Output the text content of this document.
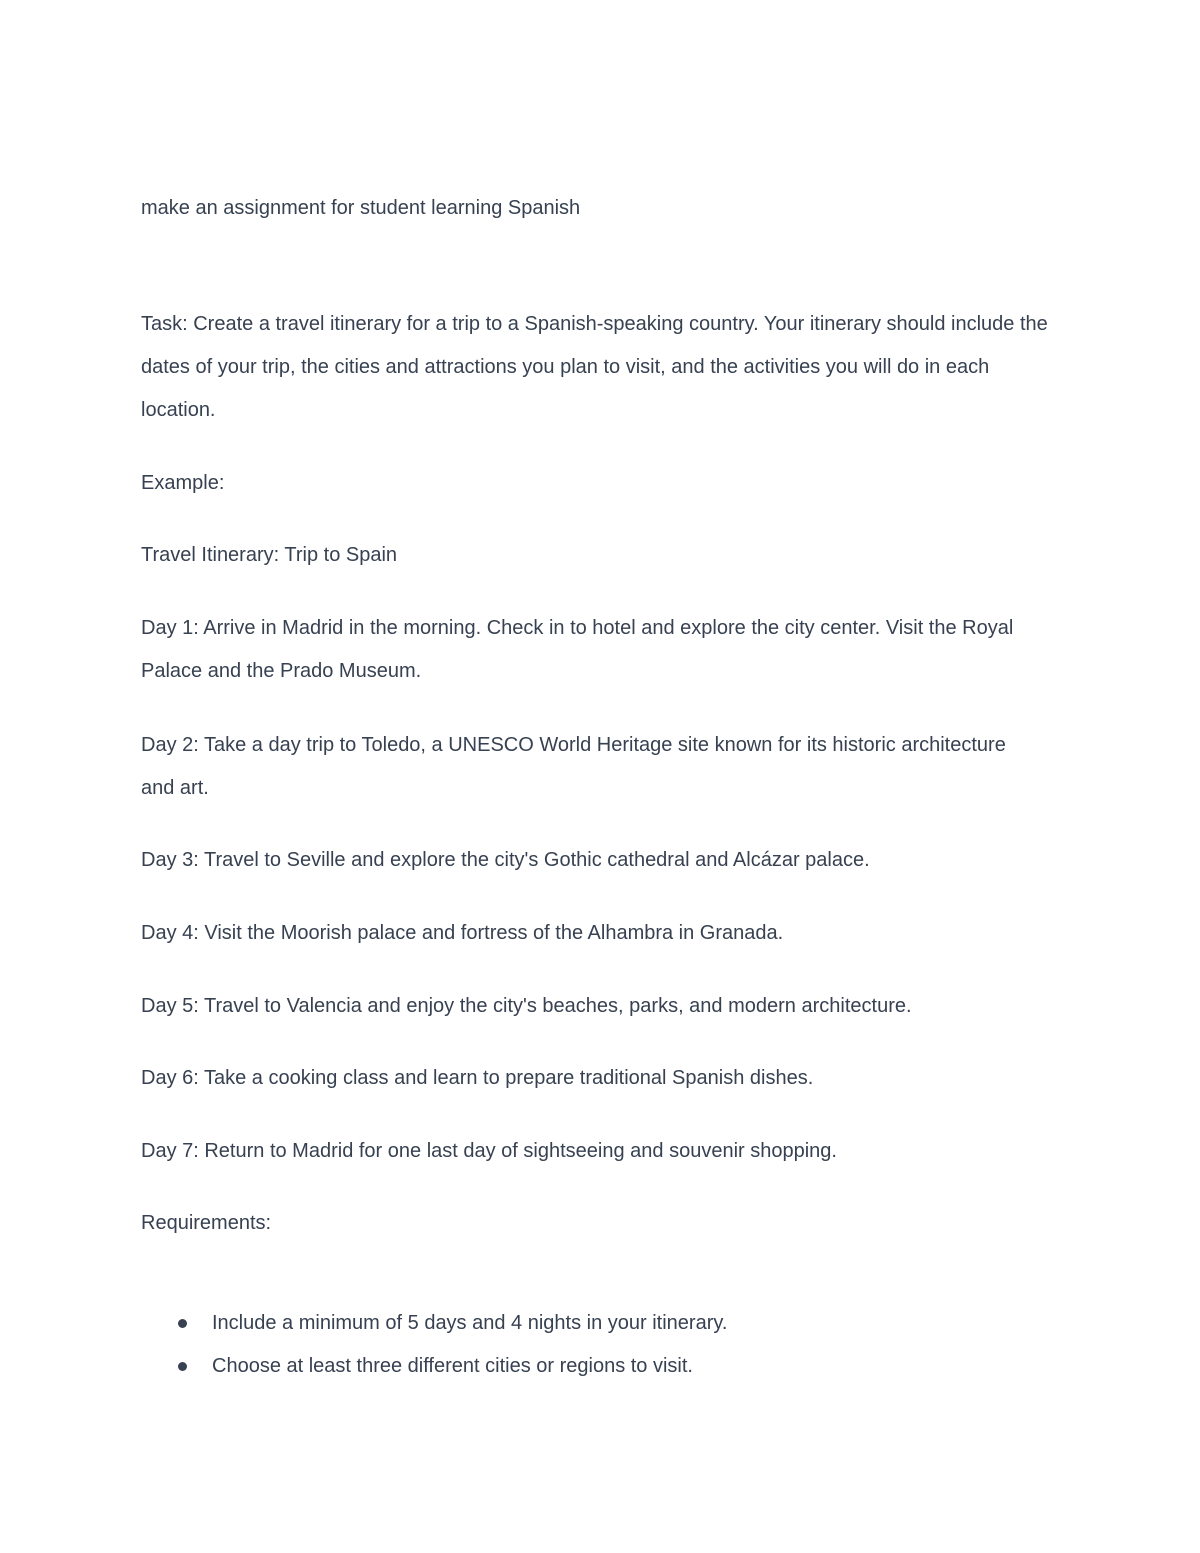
make an assignment for student learning Spanish

Task: Create a travel itinerary for a trip to a Spanish-speaking country. Your itinerary should include the dates of your trip, the cities and attractions you plan to visit, and the activities you will do in each location.

Example:

Travel Itinerary: Trip to Spain

Day 1: Arrive in Madrid in the morning. Check in to hotel and explore the city center. Visit the Royal Palace and the Prado Museum.

Day 2: Take a day trip to Toledo, a UNESCO World Heritage site known for its historic architecture and art.

Day 3: Travel to Seville and explore the city's Gothic cathedral and Alcázar palace.

Day 4: Visit the Moorish palace and fortress of the Alhambra in Granada.

Day 5: Travel to Valencia and enjoy the city's beaches, parks, and modern architecture.

Day 6: Take a cooking class and learn to prepare traditional Spanish dishes.

Day 7: Return to Madrid for one last day of sightseeing and souvenir shopping.

Requirements:

Include a minimum of 5 days and 4 nights in your itinerary.
Choose at least three different cities or regions to visit.
